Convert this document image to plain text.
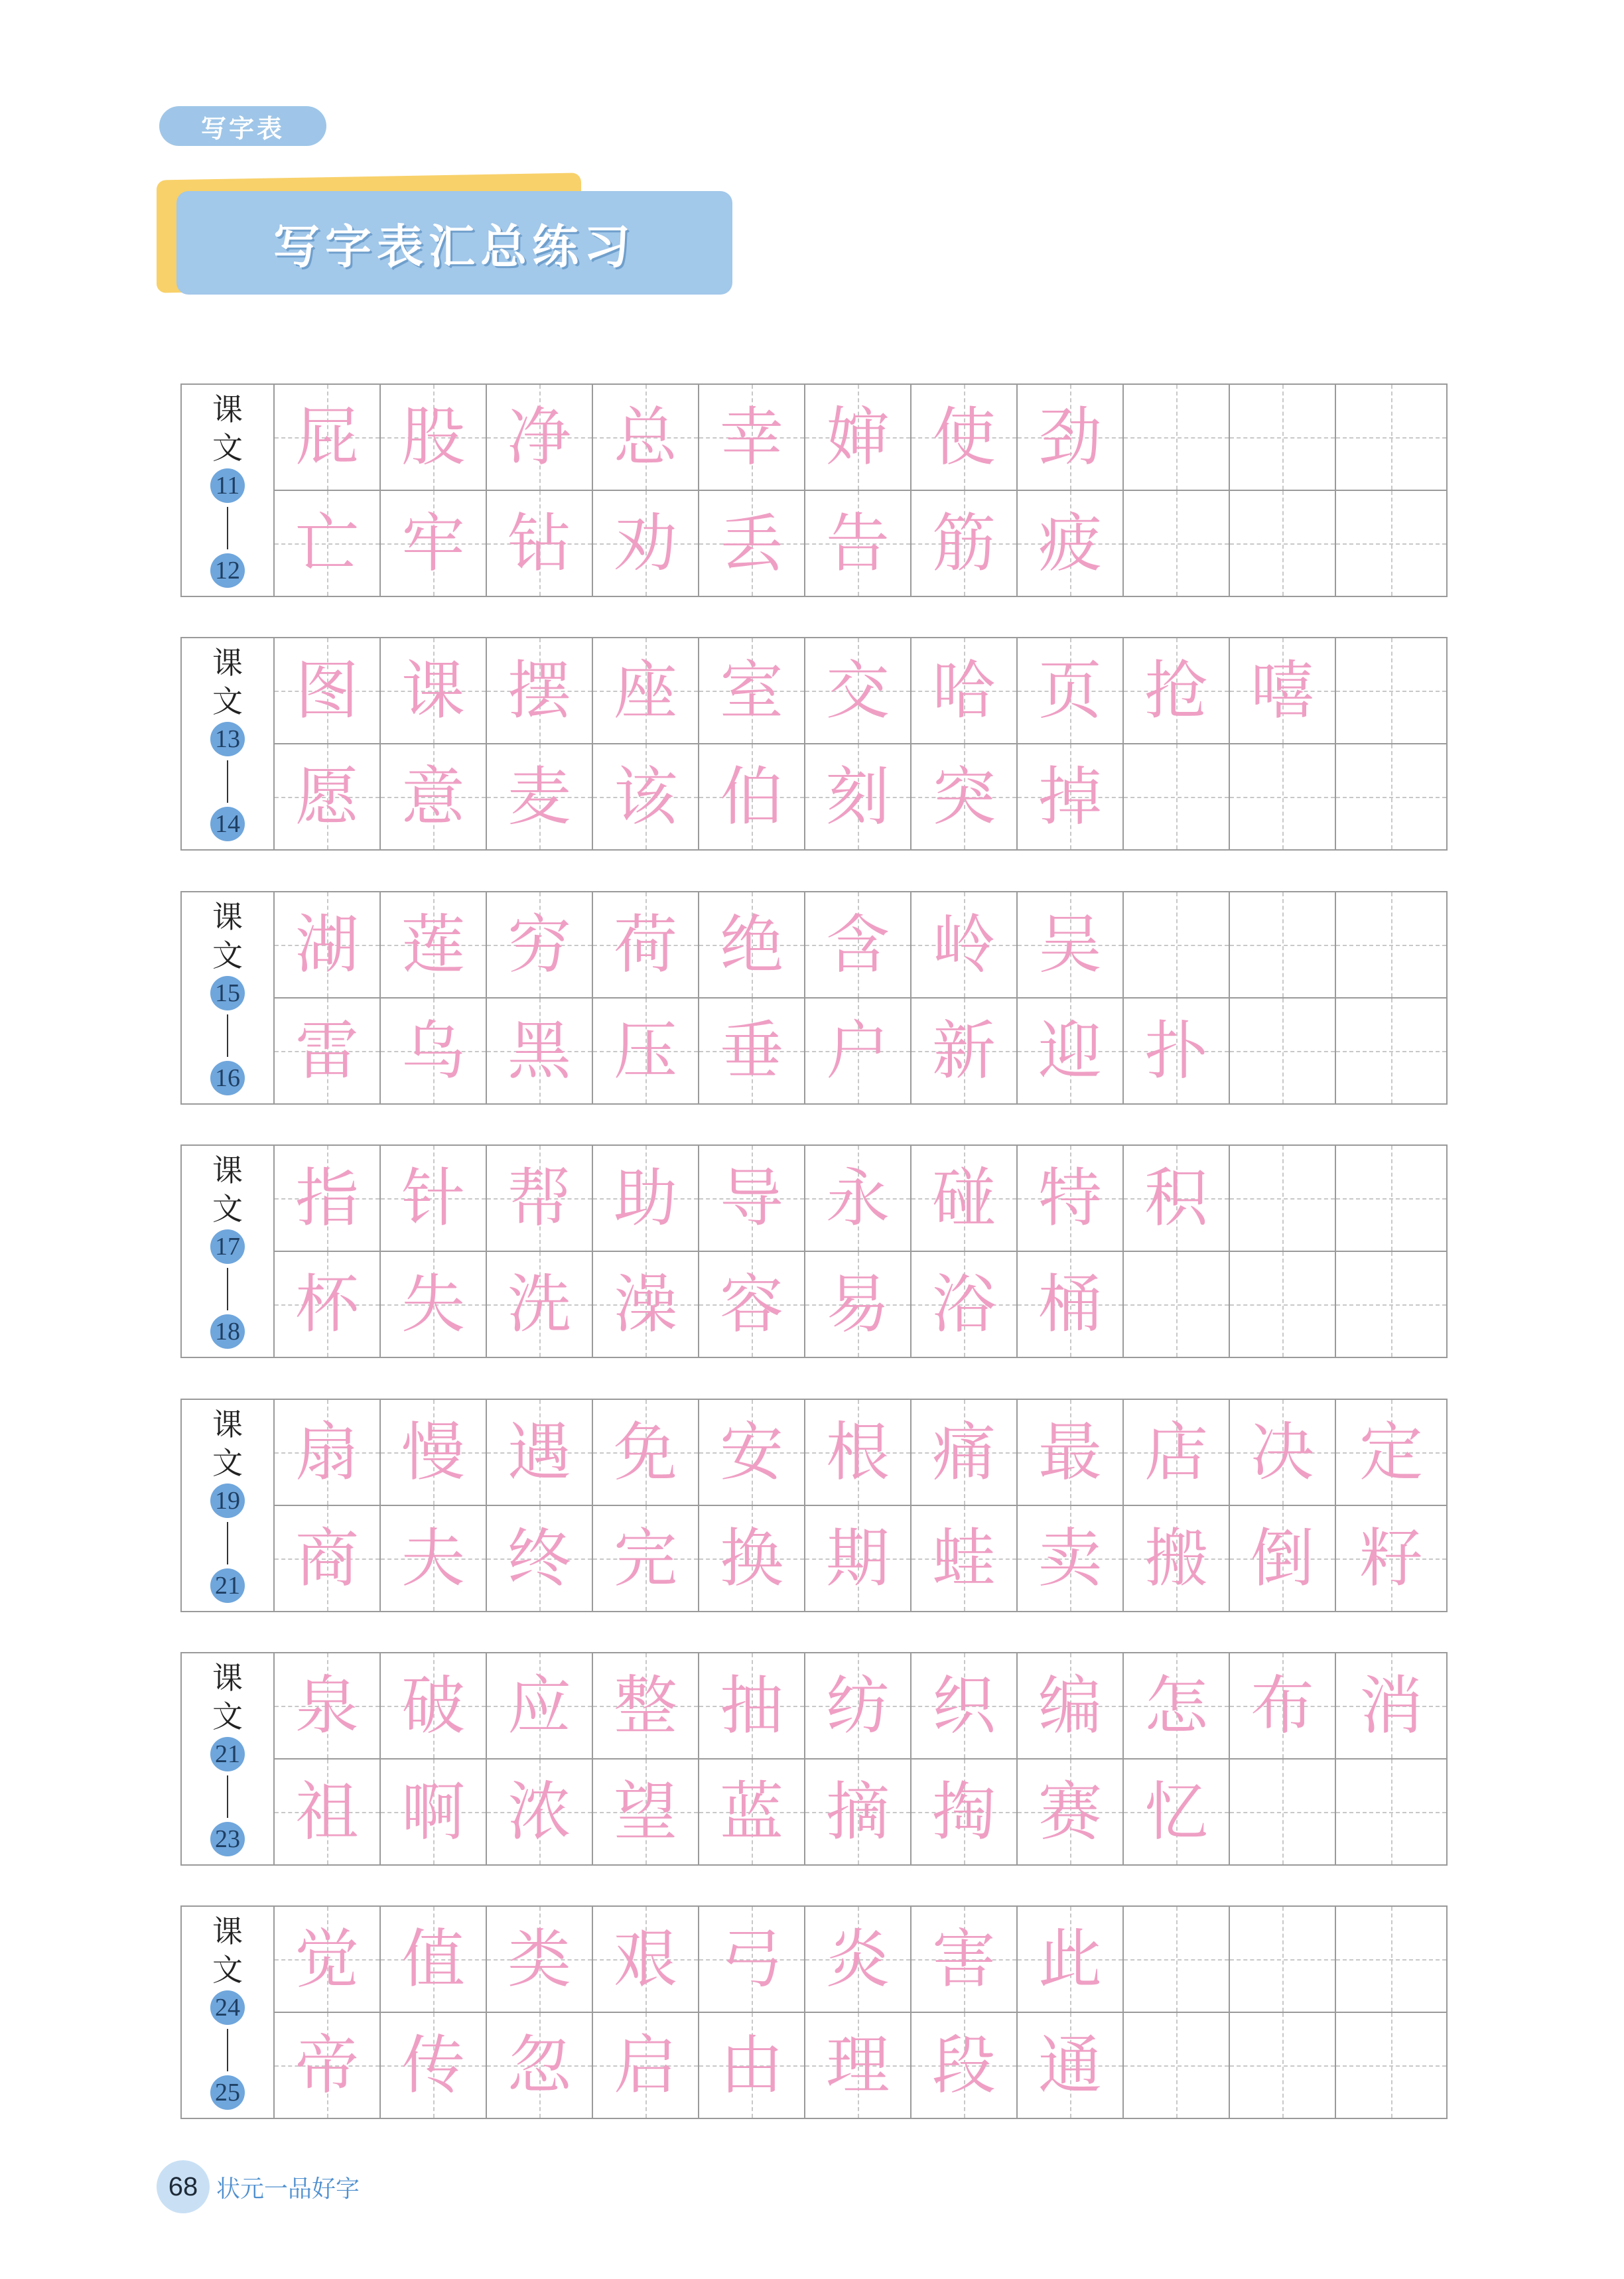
写字表
写字表汇总练习
课
文
11
12
屁 股 净 总 幸 婶 使 劲
亡 牢 钻 劝 丢 告 筋 疲
课
文
13
14
图 课 摆 座 室 交 哈 页 抢 嘻
愿 意 麦 该 伯 刻 突 掉
课
文
15
16
湖 莲 穷 荷 绝 含 岭 吴
雷 乌 黑 压 垂 户 新 迎 扑
课
文
17
18
指 针 帮 助 导 永 碰 特 积
杯 失 洗 澡 容 易 浴 桶
课
文
19
21
扇 慢 遇 免 安 根 痛 最 店 决 定
商 夫 终 完 换 期 蛙 卖 搬 倒 籽
课
文
21
23
泉 破 应 整 抽 纺 织 编 怎 布 消
祖 啊 浓 望 蓝 摘 掏 赛 忆
课
文
24
25
觉 值 类 艰 弓 炎 害 此
帝 传 忽 启 由 理 段 通
68 状元一品好字
